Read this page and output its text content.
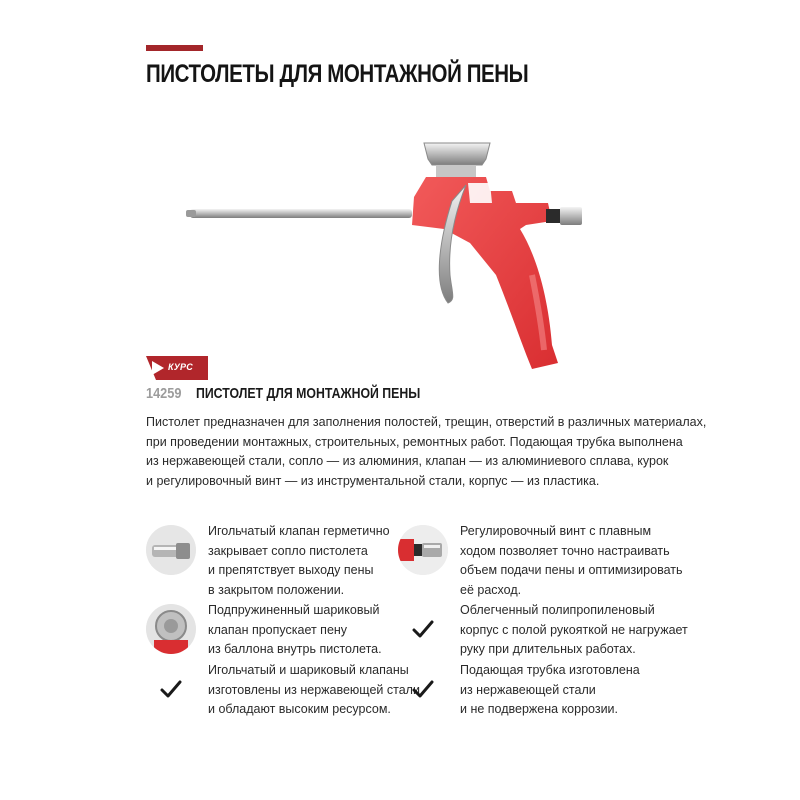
ПИСТОЛЕТЫ ДЛЯ МОНТАЖНОЙ ПЕНЫ
КУРС
14259 ПИСТОЛЕТ ДЛЯ МОНТАЖНОЙ ПЕНЫ

Пистолет предназначен для заполнения полостей, трещин, отверстий в различных материалах,
при проведении монтажных, строительных, ремонтных работ. Подающая трубка выполнена
из нержавеющей стали, сопло — из алюминия, клапан — из алюминиевого сплава, курок
и регулировочный винт — из инструментальной стали, корпус — из пластика.

Игольчатый клапан герметично
закрывает сопло пистолета
и препятствует выходу пены
в закрытом положении.
Регулировочный винт с плавным
ходом позволяет точно настраивать
объем подачи пены и оптимизировать
её расход.
Подпружиненный шариковый
клапан пропускает пену
из баллона внутрь пистолета.
Облегченный полипропиленовый
корпус с полой рукояткой не нагружает
руку при длительных работах.
Игольчатый и шариковый клапаны
изготовлены из нержавеющей стали
и обладают высоким ресурсом.
Подающая трубка изготовлена
из нержавеющей стали
и не подвержена коррозии.
